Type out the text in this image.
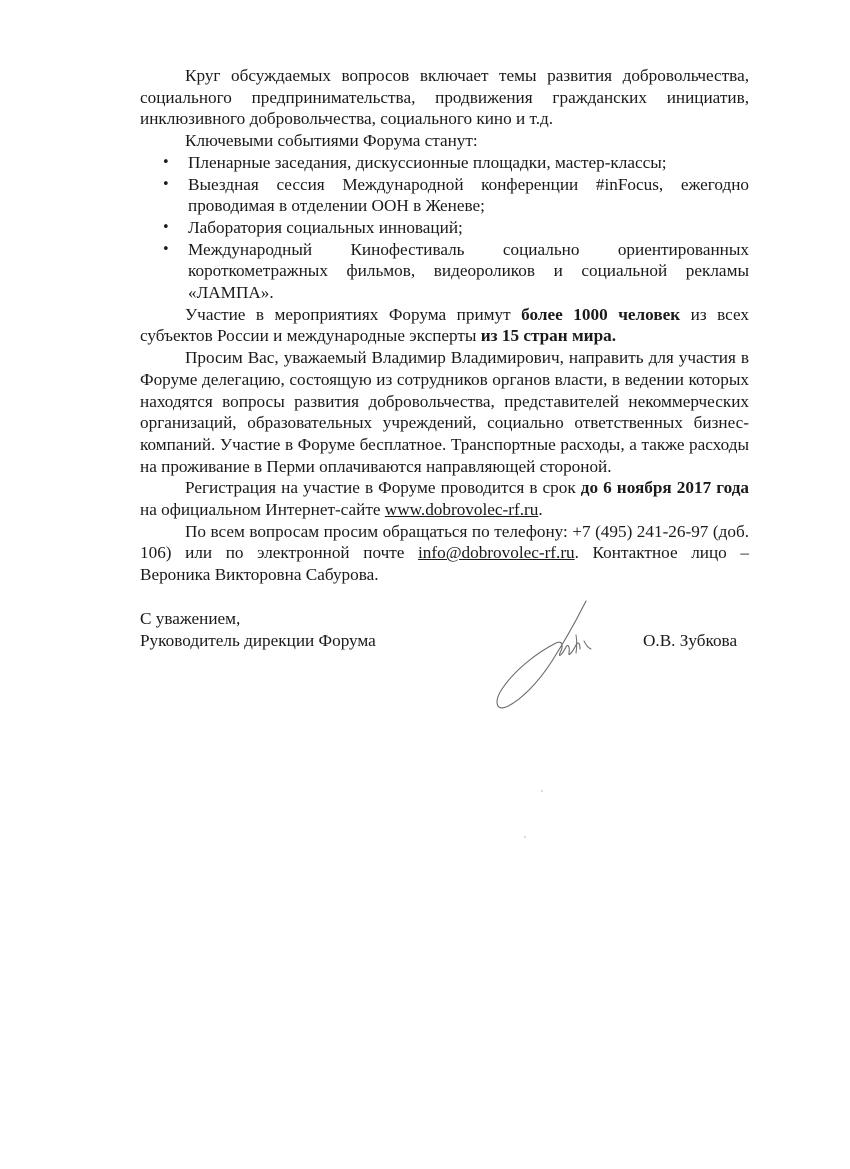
Круг обсуждаемых вопросов включает темы развития добровольчества, социального предпринимательства, продвижения гражданских инициатив, инклюзивного добровольчества, социального кино и т.д.

Ключевыми событиями Форума станут:

• Пленарные заседания, дискуссионные площадки, мастер-классы;
• Выездная сессия Международной конференции #inFocus, ежегодно проводимая в отделении ООН в Женеве;
• Лаборатория социальных инноваций;
• Международный Кинофестиваль социально ориентированных короткометражных фильмов, видеороликов и социальной рекламы «ЛАМПА».

Участие в мероприятиях Форума примут более 1000 человек из всех субъектов России и международные эксперты из 15 стран мира.

Просим Вас, уважаемый Владимир Владимирович, направить для участия в Форуме делегацию, состоящую из сотрудников органов власти, в ведении которых находятся вопросы развития добровольчества, представителей некоммерческих организаций, образовательных учреждений, социально ответственных бизнес-компаний. Участие в Форуме бесплатное. Транспортные расходы, а также расходы на проживание в Перми оплачиваются направляющей стороной.

Регистрация на участие в Форуме проводится в срок до 6 ноября 2017 года на официальном Интернет-сайте www.dobrovolec-rf.ru.

По всем вопросам просим обращаться по телефону: +7 (495) 241-26-97 (доб. 106) или по электронной почте info@dobrovolec-rf.ru. Контактное лицо – Вероника Викторовна Сабурова.

С уважением,
Руководитель дирекции Форума	О.В. Зубкова
